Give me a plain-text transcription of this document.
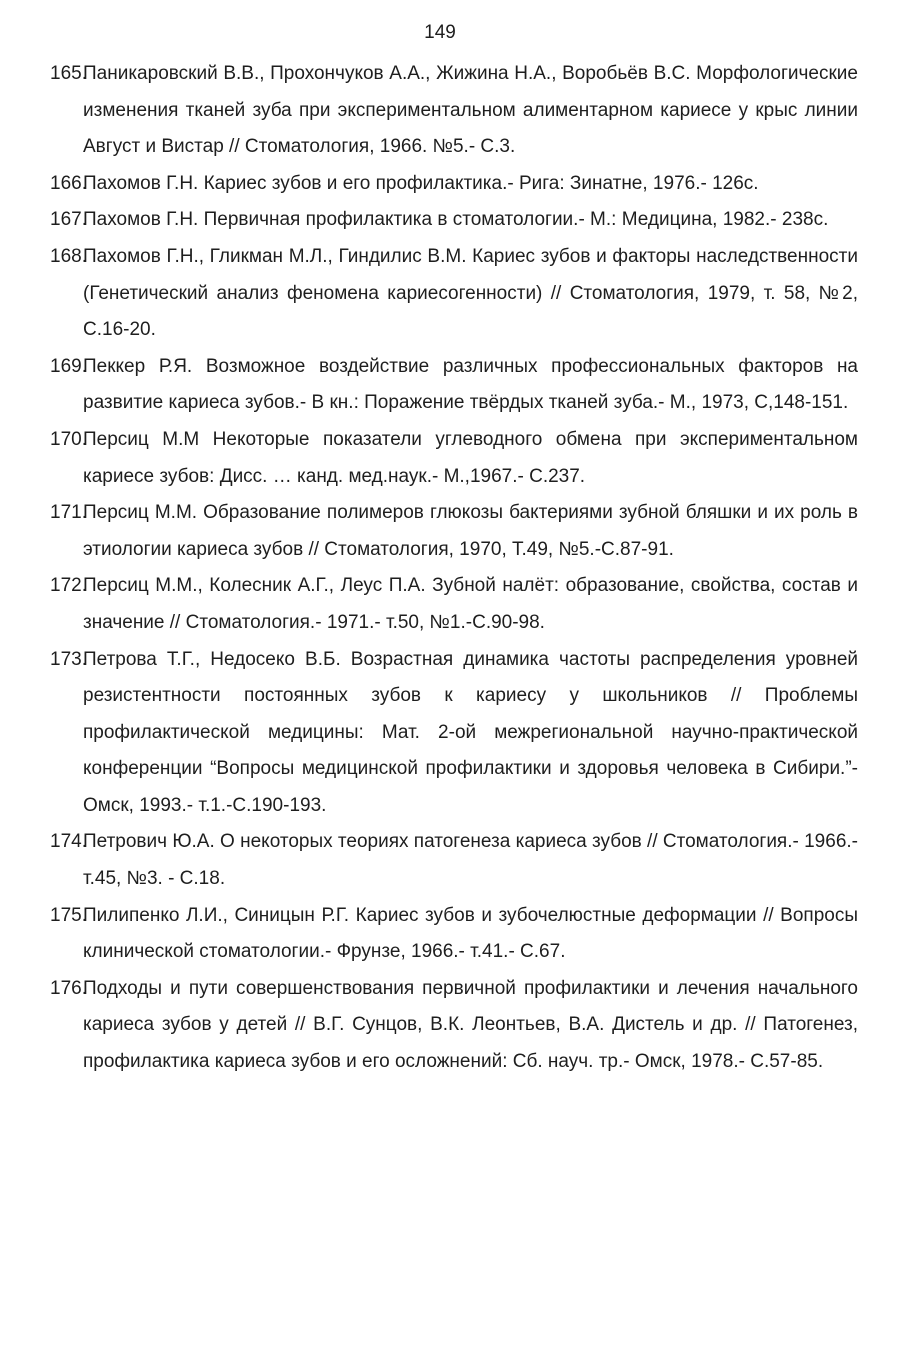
149
165.
Паникаровский В.В., Прохончуков А.А., Жижина Н.А., Воробьёв В.С. Морфологические изменения тканей зуба при экспериментальном алиментарном кариесе у крыс линии Август и Вистар // Стоматология, 1966. №5.- С.3.
166.
Пахомов Г.Н. Кариес зубов и его профилактика.- Рига: Зинатне, 1976.- 126с.
167.
Пахомов Г.Н. Первичная профилактика в стоматологии.- М.: Медицина, 1982.- 238с.
168.
Пахомов Г.Н., Гликман М.Л., Гиндилис В.М. Кариес зубов и факторы наследственности (Генетический анализ феномена кариесогенности) // Стоматология, 1979, т. 58, №2, С.16-20.
169.
Пеккер Р.Я. Возможное воздействие различных профессиональных факторов на развитие кариеса зубов.- В кн.: Поражение твёрдых тканей зуба.- М., 1973, С,148-151.
170.
Персиц М.М Некоторые показатели углеводного обмена при экспериментальном кариесе зубов: Дисс. … канд. мед.наук.- М.,1967.- С.237.
171.
Персиц М.М. Образование полимеров глюкозы бактериями зубной бляшки и их роль в этиологии кариеса зубов // Стоматология, 1970, Т.49, №5.-С.87-91.
172.
Персиц М.М., Колесник А.Г., Леус П.А. Зубной налёт: образование, свойства, состав и значение // Стоматология.- 1971.- т.50, №1.-С.90-98.
173.
Петрова Т.Г., Недосеко В.Б. Возрастная динамика частоты распределения уровней резистентности постоянных зубов к кариесу у школьников // Проблемы профилактической медицины: Мат. 2-ой межрегиональной научно-практической конференции “Вопросы медицинской профилактики и здоровья человека в Сибири.”- Омск, 1993.- т.1.-С.190-193.
174.
Петрович Ю.А. О некоторых теориях патогенеза кариеса зубов // Стоматология.- 1966.- т.45, №3. - С.18.
175.
Пилипенко Л.И., Синицын Р.Г. Кариес зубов и зубочелюстные деформации // Вопросы клинической стоматологии.- Фрунзе, 1966.- т.41.- С.67.
176.
Подходы и пути совершенствования первичной профилактики и лечения начального кариеса зубов у детей // В.Г. Сунцов, В.К. Леонтьев, В.А. Дистель и др. // Патогенез, профилактика кариеса зубов и его осложнений: Сб. науч. тр.- Омск, 1978.- С.57-85.
